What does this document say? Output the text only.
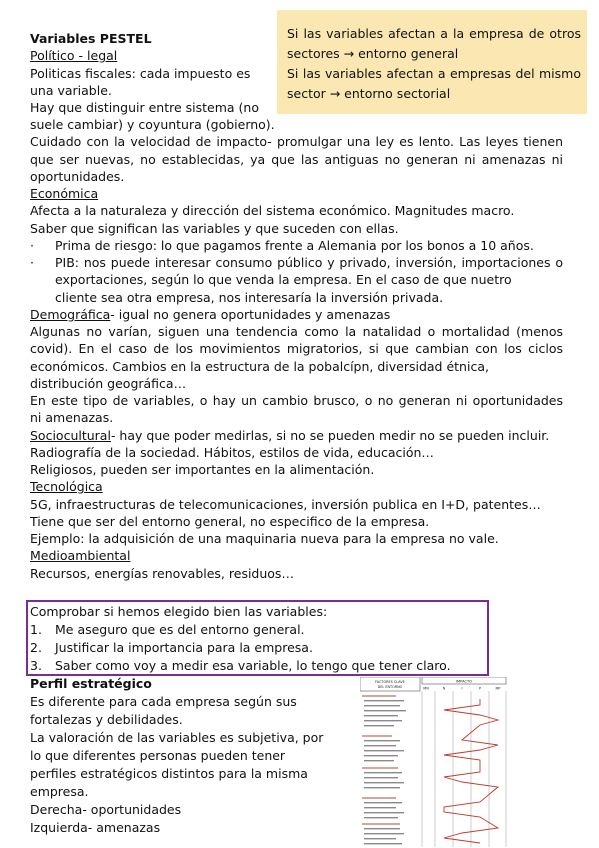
Si las variables afectan a la empresa de otros
sectores → entorno general
Si las variables afectan a empresas del mismo
sector → entorno sectorial
Variables PESTEL
Político - legal
Politicas fiscales: cada impuesto es
una variable.
Hay que distinguir entre sistema (no
suele cambiar) y coyuntura (gobierno).
Cuidado con la velocidad de impacto- promulgar una ley es lento. Las leyes tienen
que ser nuevas, no establecidas, ya que las antiguas no generan ni amenazas ni
oportunidades.
Económica
Afecta a la naturaleza y dirección del sistema económico. Magnitudes macro.
Saber que significan las variables y que suceden con ellas.
· Prima de riesgo: lo que pagamos frente a Alemania por los bonos a 10 años.
· PIB: nos puede interesar consumo público y privado, inversión, importaciones o
exportaciones, según lo que venda la empresa. En el caso de que nuetro
cliente sea otra empresa, nos interesaría la inversión privada.
Demográfica- igual no genera oportunidades y amenazas
Algunas no varían, siguen una tendencia como la natalidad o mortalidad (menos
covid). En el caso de los movimientos migratorios, si que cambian con los ciclos
económicos. Cambios en la estructura de la pobalcípn, diversidad étnica,
distribución geográfica…
En este tipo de variables, o hay un cambio brusco, o no generan ni oportunidades
ni amenazas.
Sociocultural- hay que poder medirlas, si no se pueden medir no se pueden incluir.
Radiografía de la sociedad. Hábitos, estilos de vida, educación…
Religiosos, pueden ser importantes en la alimentación.
Tecnológica
5G, infraestructuras de telecomunicaciones, inversión publica en I+D, patentes…
Tiene que ser del entorno general, no especifico de la empresa.
Ejemplo: la adquisición de una maquinaria nueva para la empresa no vale.
Medioambiental
Recursos, energías renovables, residuos…
Comprobar si hemos elegido bien las variables:
1. Me aseguro que es del entorno general.
2. Justificar la importancia para la empresa.
3. Saber como voy a medir esa variable, lo tengo que tener claro.
Perfil estratégico
Es diferente para cada empresa según sus
fortalezas y debilidades.
La valoración de las variables es subjetiva, por
lo que diferentes personas pueden tener
perfiles estratégicos distintos para la misma
empresa.
Derecha- oportunidades
Izquierda- amenazas
FACTORES CLAVE
DEL ENTORNO
IMPACTO
MN	N	I	P	MP
